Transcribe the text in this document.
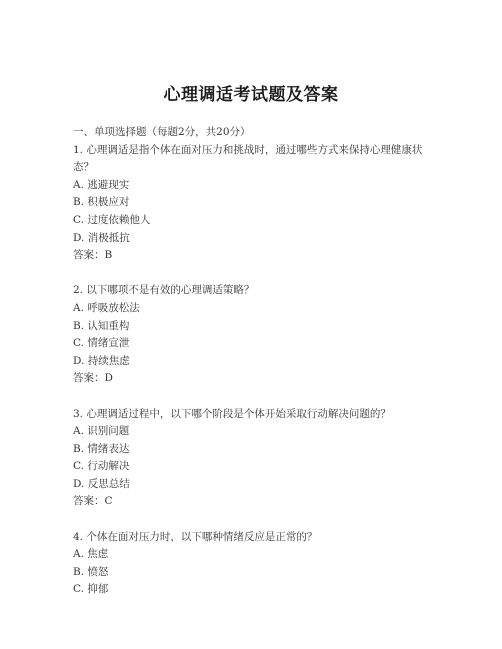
心理调适考试题及答案
一、单项选择题（每题2分，共20分）
1. 心理调适是指个体在面对压力和挑战时，通过哪些方式来保持心理健康状态？
A. 逃避现实
B. 积极应对
C. 过度依赖他人
D. 消极抵抗
答案：B
2. 以下哪项不是有效的心理调适策略？
A. 呼吸放松法
B. 认知重构
C. 情绪宣泄
D. 持续焦虑
答案：D
3. 心理调适过程中，以下哪个阶段是个体开始采取行动解决问题的？
A. 识别问题
B. 情绪表达
C. 行动解决
D. 反思总结
答案：C
4. 个体在面对压力时，以下哪种情绪反应是正常的？
A. 焦虑
B. 愤怒
C. 抑郁
